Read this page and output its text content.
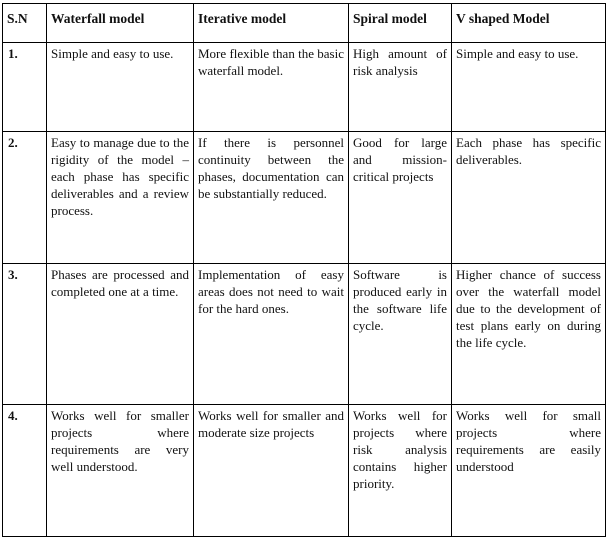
S.N	Waterfall model	Iterative model	Spiral model	V shaped Model
1.	Simple and easy to use.	More flexible than the basic waterfall model.	High amount of risk analysis	Simple and easy to use.
2.	Easy to manage due to the rigidity of the model – each phase has specific deliverables and a review process.	If there is personnel continuity between the phases, documentation can be substantially reduced.	Good for large and mission-critical projects	Each phase has specific deliverables.
3.	Phases are processed and completed one at a time.	Implementation of easy areas does not need to wait for the hard ones.	Software is produced early in the software life cycle.	Higher chance of success over the waterfall model due to the development of test plans early on during the life cycle.
4.	Works well for smaller projects where requirements are very well understood.	Works well for smaller and moderate size projects	Works well for projects where risk analysis contains higher priority.	Works well for small projects where requirements are easily understood
